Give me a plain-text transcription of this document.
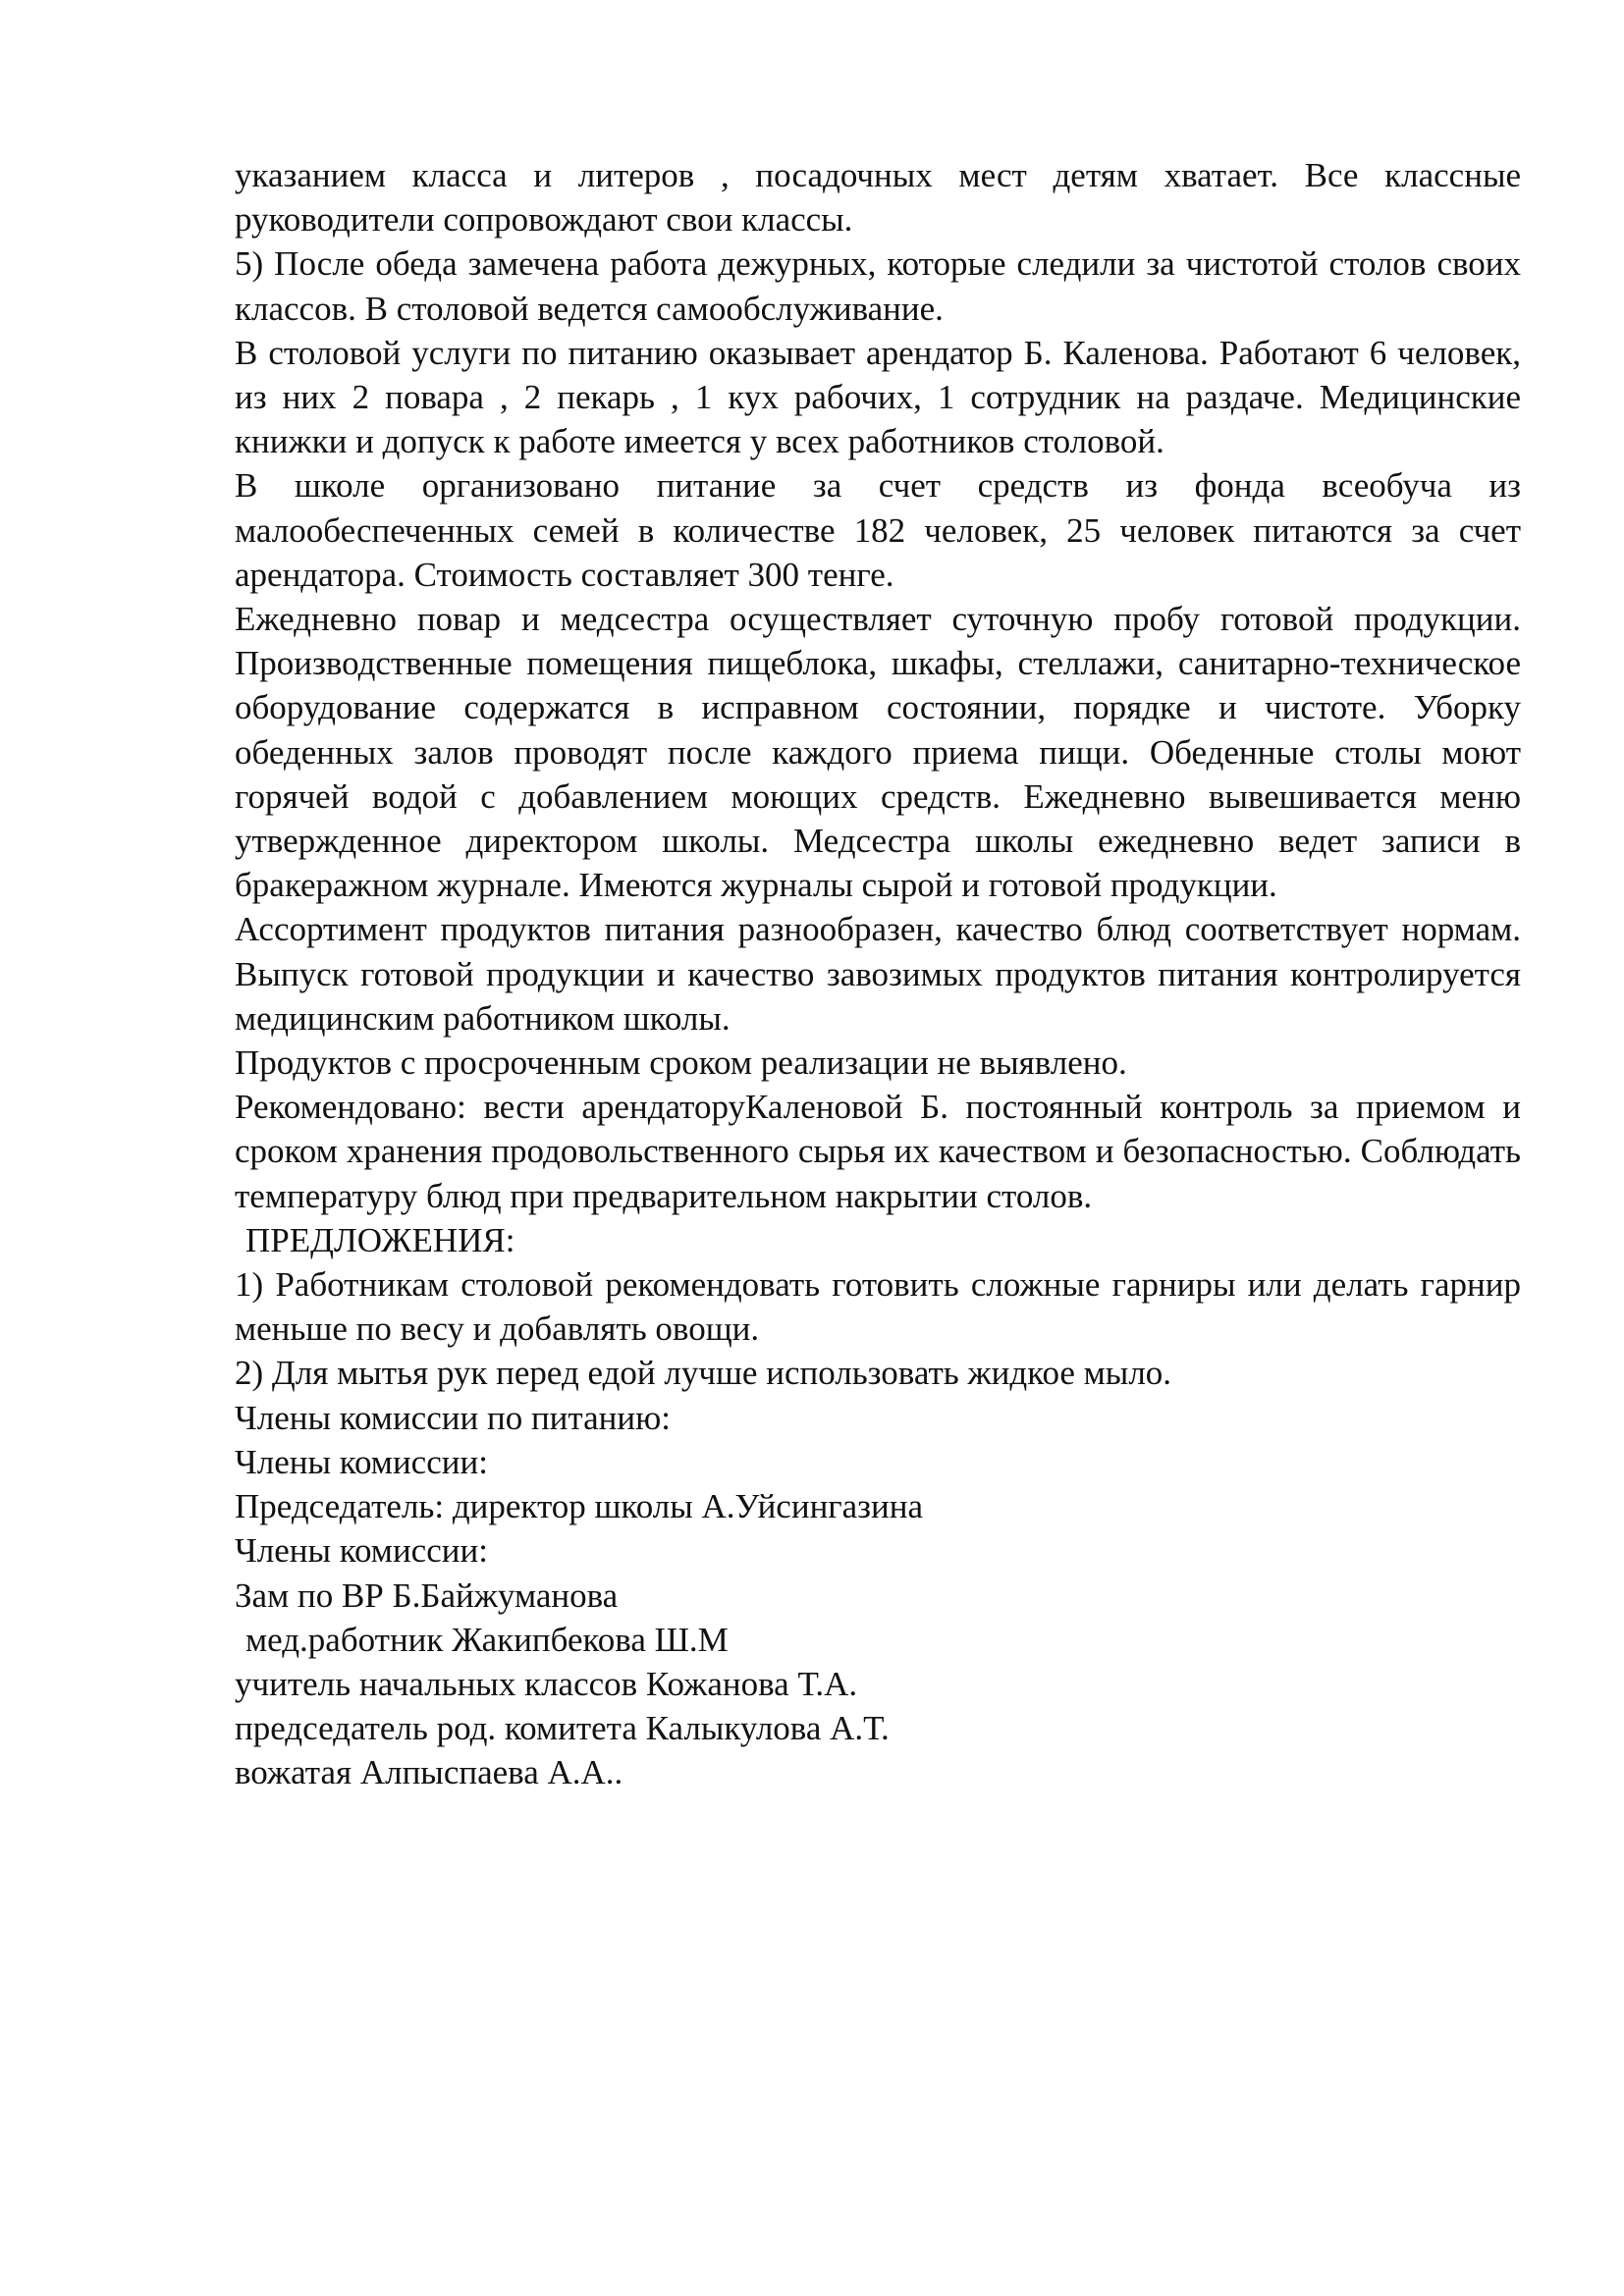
указанием класса и литеров , посадочных мест детям хватает. Все классные руководители сопровождают свои классы.

5) После обеда замечена работа дежурных, которые следили за чистотой столов своих классов. В столовой ведется самообслуживание.

В столовой услуги по питанию оказывает арендатор Б. Каленова. Работают 6 человек, из них 2 повара , 2 пекарь , 1 кух рабочих, 1 сотрудник на раздаче. Медицинские книжки и допуск к работе имеется у всех работников столовой.

В школе организовано питание за счет средств из фонда всеобуча из малообеспеченных семей в количестве 182 человек, 25 человек питаются за счет арендатора. Стоимость составляет 300 тенге.

Ежедневно повар и медсестра осуществляет суточную пробу готовой продукции. Производственные помещения пищеблока, шкафы, стеллажи, санитарно-техническое оборудование содержатся в исправном состоянии, порядке и чистоте. Уборку обеденных залов проводят после каждого приема пищи. Обеденные столы моют горячей водой с добавлением моющих средств. Ежедневно вывешивается меню утвержденное директором школы. Медсестра школы ежедневно ведет записи в бракеражном журнале. Имеются журналы сырой и готовой продукции.

Ассортимент продуктов питания разнообразен, качество блюд соответствует нормам. Выпуск готовой продукции и качество завозимых продуктов питания контролируется медицинским работником школы.

Продуктов с просроченным сроком реализации не выявлено.

Рекомендовано: вести арендаторуКаленовой Б. постоянный контроль за приемом и сроком хранения продовольственного сырья их качеством и безопасностью. Соблюдать температуру блюд при предварительном накрытии столов.

ПРЕДЛОЖЕНИЯ:

1) Работникам столовой рекомендовать готовить сложные гарниры или делать гарнир меньше по весу и добавлять овощи.

2) Для мытья рук перед едой лучше использовать жидкое мыло.

Члены комиссии по питанию:

Члены комиссии:

Председатель: директор школы А.Уйсингазина

Члены комиссии:

Зам по ВР Б.Байжуманова

мед.работник Жакипбекова Ш.М

учитель начальных классов Кожанова Т.А.

председатель род. комитета Калыкулова А.Т.

вожатая Алпыспаева А.А..
